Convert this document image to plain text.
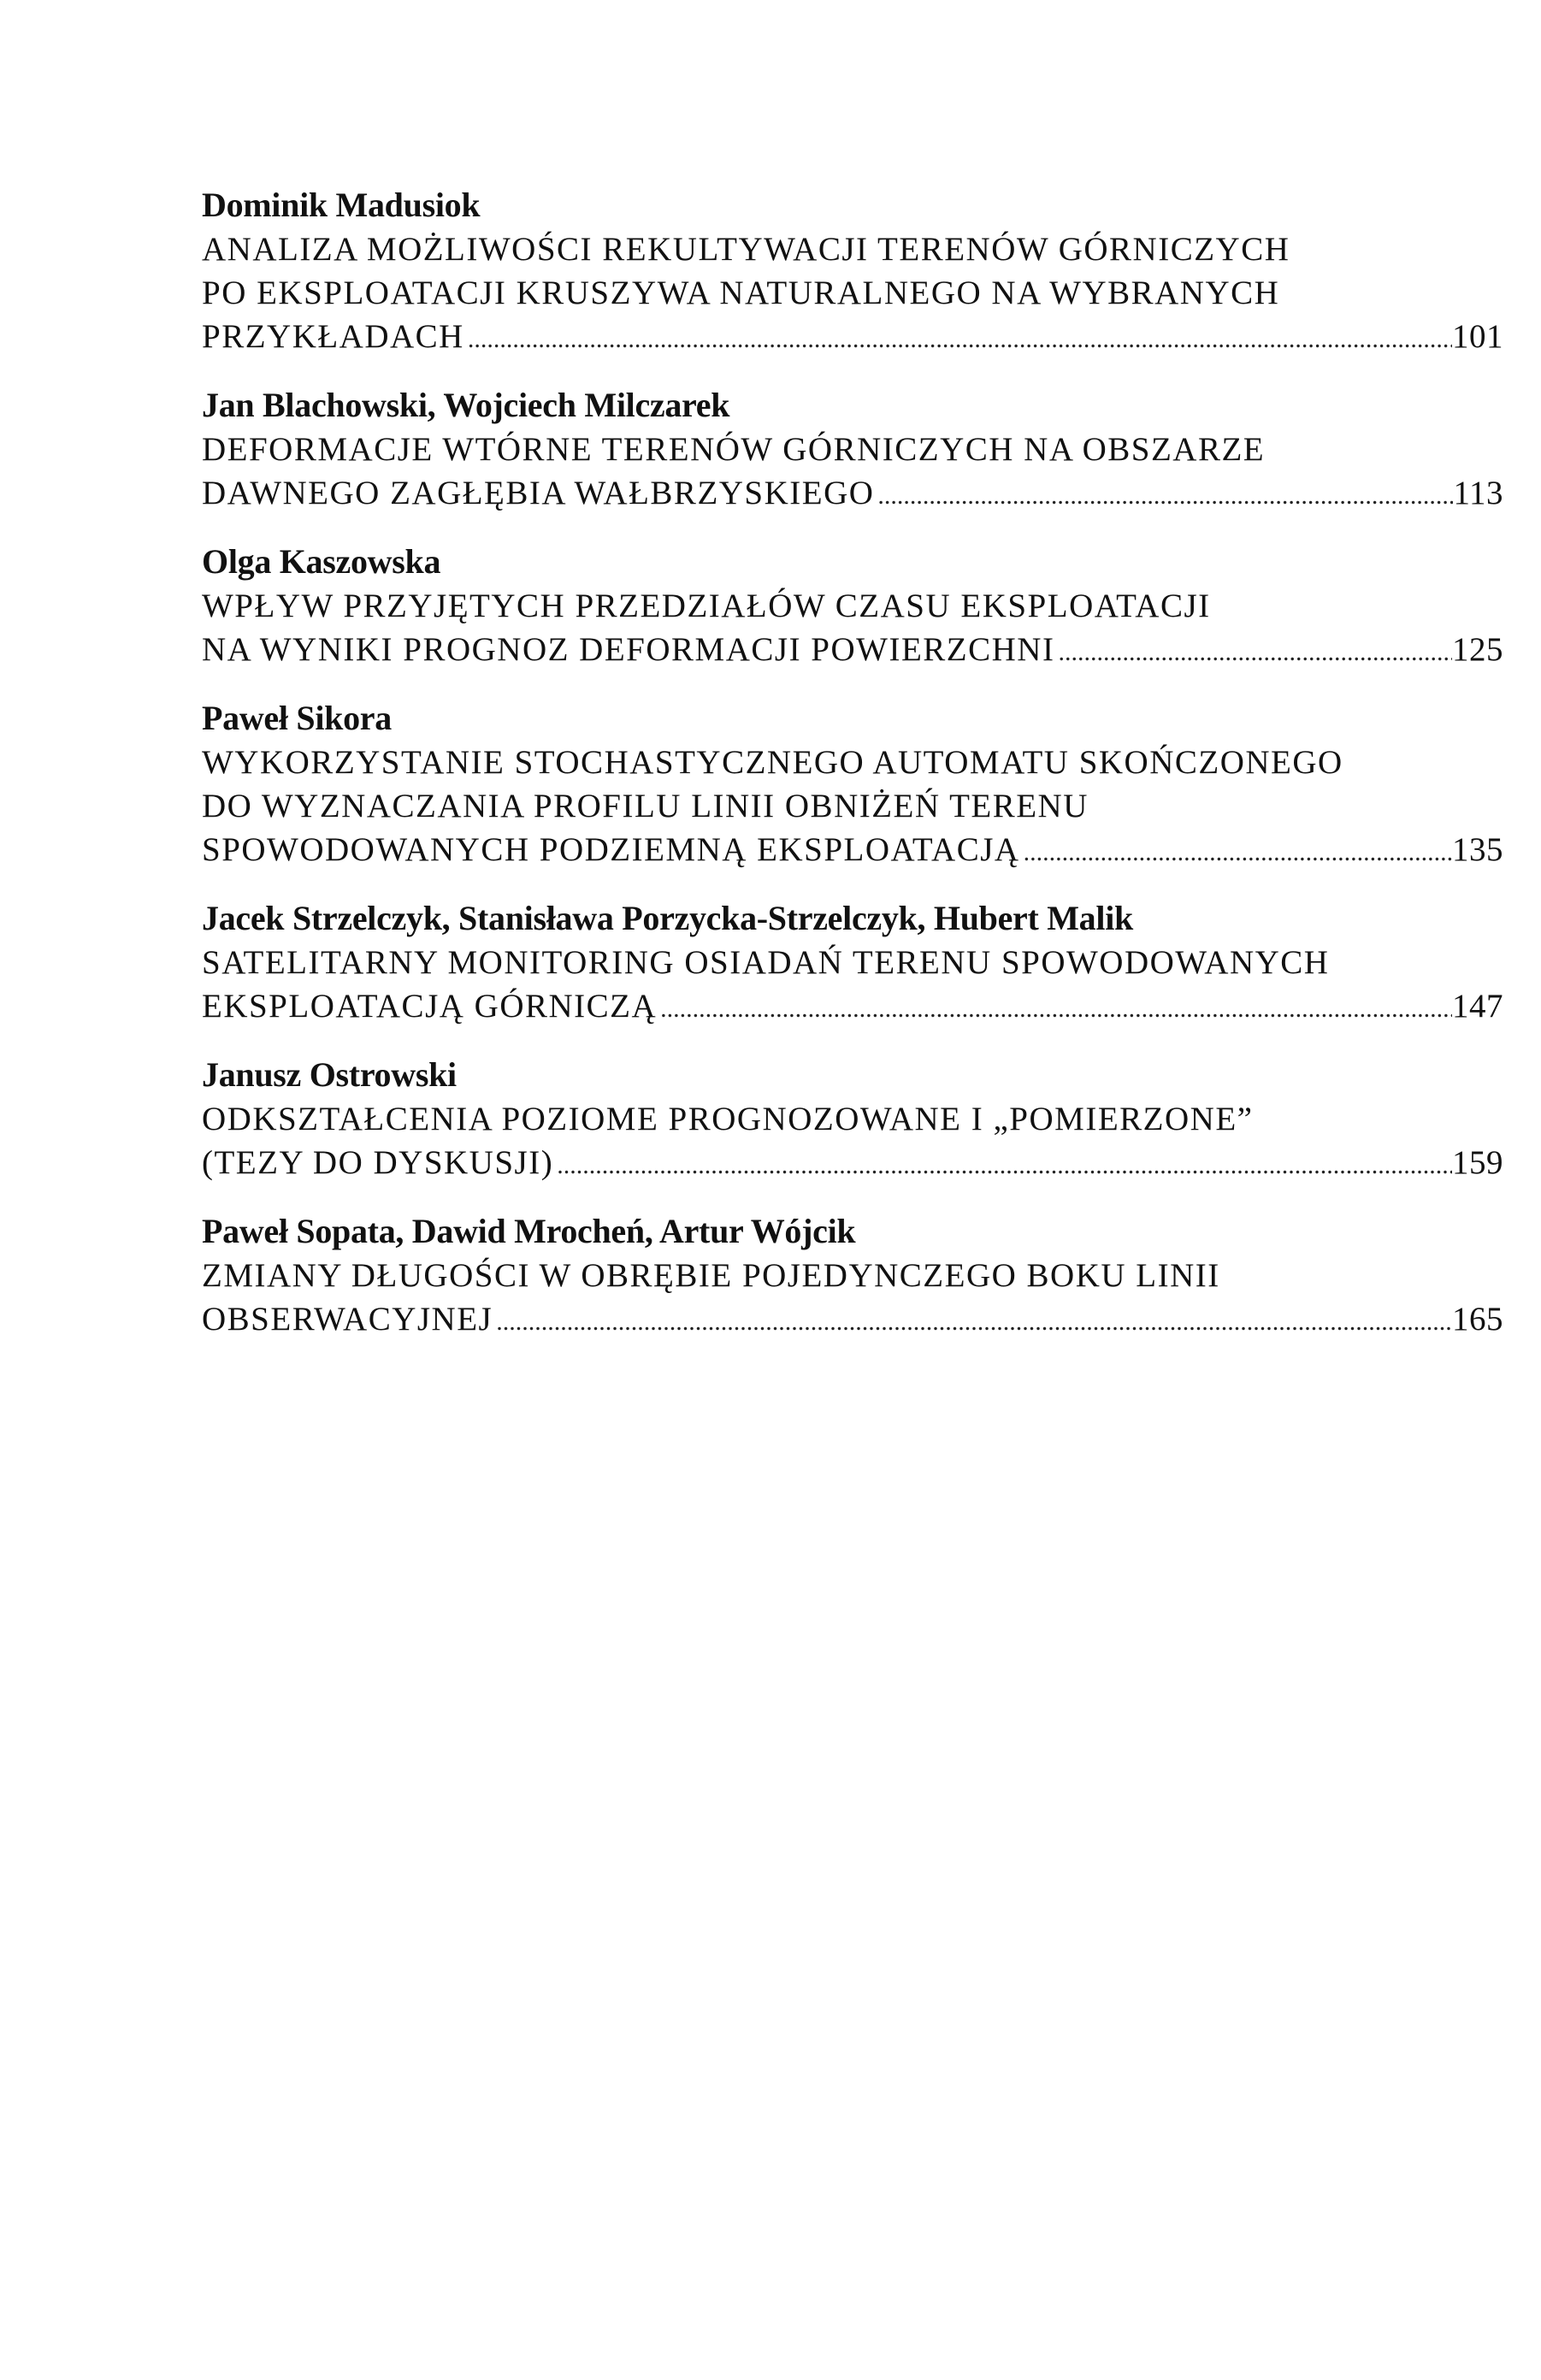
Dominik Madusiok
ANALIZA MOŻLIWOŚCI REKULTYWACJI TERENÓW GÓRNICZYCH
PO EKSPLOATACJI KRUSZYWA NATURALNEGO NA WYBRANYCH
PRZYKŁADACH .....	101
Jan Blachowski, Wojciech Milczarek
DEFORMACJE WTÓRNE TERENÓW GÓRNICZYCH NA OBSZARZE
DAWNEGO ZAGŁĘBIA WAŁBRZYSKIEGO .....	113
Olga Kaszowska
WPŁYW PRZYJĘTYCH PRZEDZIAŁÓW CZASU EKSPLOATACJI
NA WYNIKI PROGNOZ DEFORMACJI POWIERZCHNI .....	125
Paweł Sikora
WYKORZYSTANIE STOCHASTYCZNEGO AUTOMATU SKOŃCZONEGO
DO WYZNACZANIA PROFILU LINII OBNIŻEŃ TERENU
SPOWODOWANYCH PODZIEMNĄ EKSPLOATACJĄ .....	135
Jacek Strzelczyk, Stanisława Porzycka-Strzelczyk, Hubert Malik
SATELITARNY MONITORING OSIADAŃ TERENU SPOWODOWANYCH
EKSPLOATACJĄ GÓRNICZĄ .....	147
Janusz Ostrowski
ODKSZTAŁCENIA POZIOME PROGNOZOWANE I „POMIERZONE”
(TEZY DO DYSKUSJI) .....	159
Paweł Sopata, Dawid Mrocheń, Artur Wójcik
ZMIANY DŁUGOŚCI W OBRĘBIE POJEDYNCZEGO BOKU LINII
OBSERWACYJNEJ .....	165
